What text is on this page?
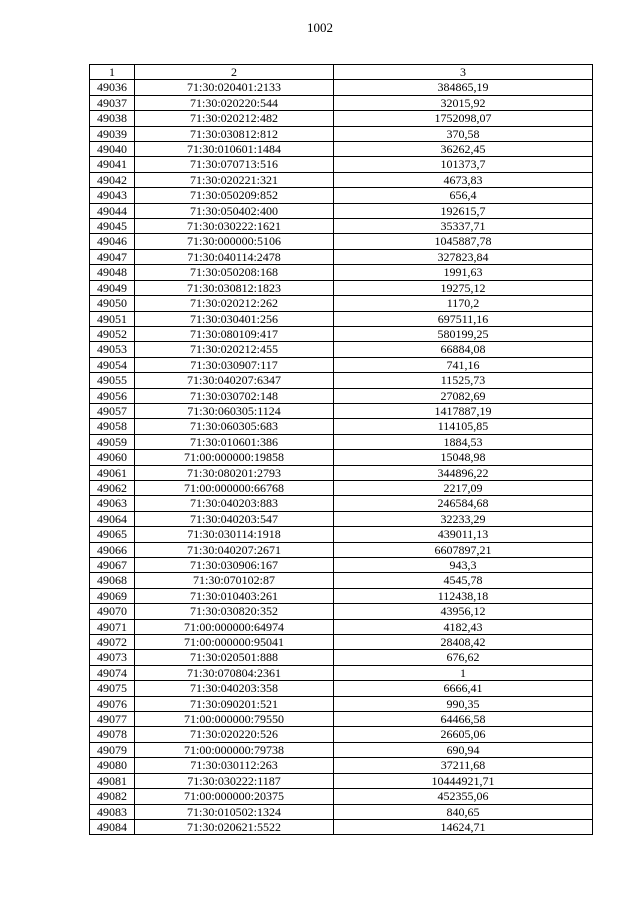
1002
1	2	3
49036	71:30:020401:2133	384865,19
49037	71:30:020220:544	32015,92
49038	71:30:020212:482	1752098,07
49039	71:30:030812:812	370,58
49040	71:30:010601:1484	36262,45
49041	71:30:070713:516	101373,7
49042	71:30:020221:321	4673,83
49043	71:30:050209:852	656,4
49044	71:30:050402:400	192615,7
49045	71:30:030222:1621	35337,71
49046	71:30:000000:5106	1045887,78
49047	71:30:040114:2478	327823,84
49048	71:30:050208:168	1991,63
49049	71:30:030812:1823	19275,12
49050	71:30:020212:262	1170,2
49051	71:30:030401:256	697511,16
49052	71:30:080109:417	580199,25
49053	71:30:020212:455	66884,08
49054	71:30:030907:117	741,16
49055	71:30:040207:6347	11525,73
49056	71:30:030702:148	27082,69
49057	71:30:060305:1124	1417887,19
49058	71:30:060305:683	114105,85
49059	71:30:010601:386	1884,53
49060	71:00:000000:19858	15048,98
49061	71:30:080201:2793	344896,22
49062	71:00:000000:66768	2217,09
49063	71:30:040203:883	246584,68
49064	71:30:040203:547	32233,29
49065	71:30:030114:1918	439011,13
49066	71:30:040207:2671	6607897,21
49067	71:30:030906:167	943,3
49068	71:30:070102:87	4545,78
49069	71:30:010403:261	112438,18
49070	71:30:030820:352	43956,12
49071	71:00:000000:64974	4182,43
49072	71:00:000000:95041	28408,42
49073	71:30:020501:888	676,62
49074	71:30:070804:2361	1
49075	71:30:040203:358	6666,41
49076	71:30:090201:521	990,35
49077	71:00:000000:79550	64466,58
49078	71:30:020220:526	26605,06
49079	71:00:000000:79738	690,94
49080	71:30:030112:263	37211,68
49081	71:30:030222:1187	10444921,71
49082	71:00:000000:20375	452355,06
49083	71:30:010502:1324	840,65
49084	71:30:020621:5522	14624,71
